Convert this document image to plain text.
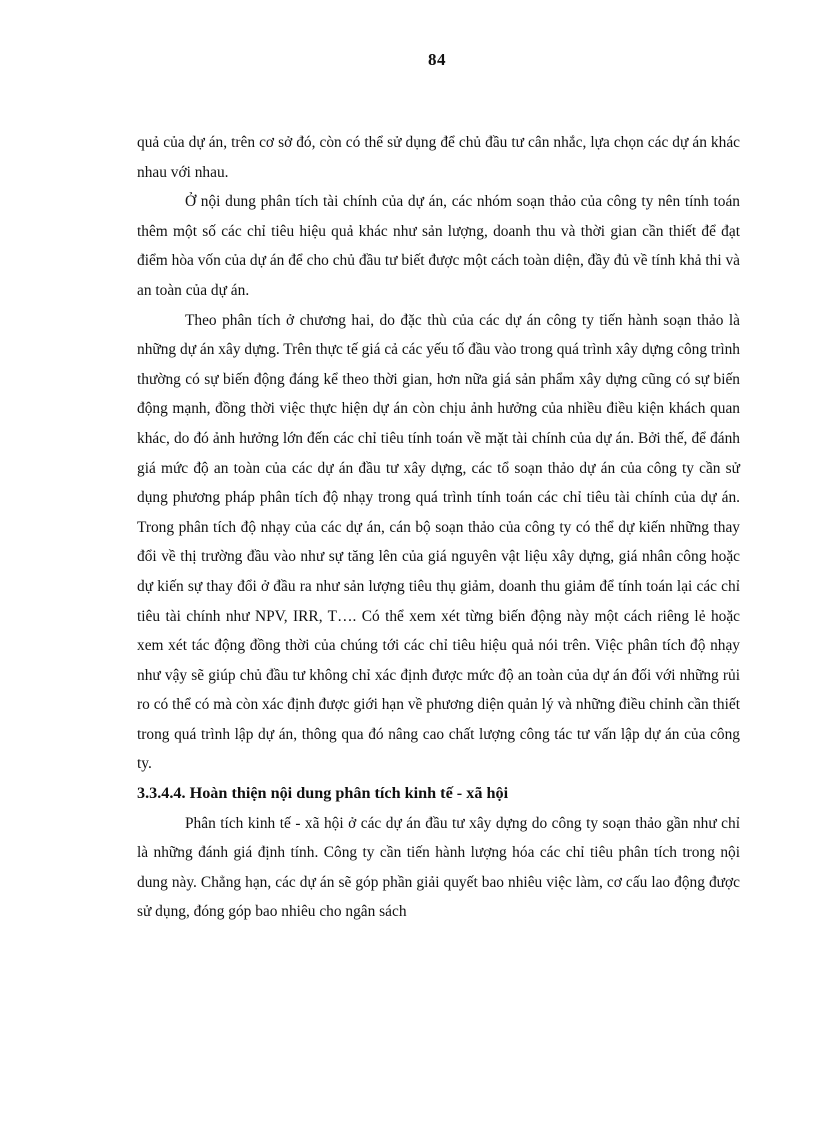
84

quả của dự án, trên cơ sở đó, còn có thể sử dụng để chủ đầu tư cân nhắc, lựa chọn các dự án khác nhau với nhau.

Ở nội dung phân tích tài chính của dự án, các nhóm soạn thảo của công ty nên tính toán thêm một số các chỉ tiêu hiệu quả khác như sản lượng, doanh thu và thời gian cần thiết để đạt điểm hòa vốn của dự án để cho chủ đầu tư biết được một cách toàn diện, đầy đủ về tính khả thi và an toàn của dự án.

Theo phân tích ở chương hai, do đặc thù của các dự án công ty tiến hành soạn thảo là những dự án xây dựng. Trên thực tế giá cả các yếu tố đầu vào trong quá trình xây dựng công trình thường có sự biến động đáng kể theo thời gian, hơn nữa giá sản phẩm xây dựng cũng có sự biến động mạnh, đồng thời việc thực hiện dự án còn chịu ảnh hưởng của nhiều điều kiện khách quan khác, do đó ảnh hưởng lớn đến các chỉ tiêu tính toán về mặt tài chính của dự án. Bởi thế, để đánh giá mức độ an toàn của các dự án đầu tư xây dựng, các tổ soạn thảo dự án của công ty cần sử dụng phương pháp phân tích độ nhạy trong quá trình tính toán các chỉ tiêu tài chính của dự án. Trong phân tích độ nhạy của các dự án, cán bộ soạn thảo của công ty có thể dự kiến những thay đổi về thị trường đầu vào như sự tăng lên của giá nguyên vật liệu xây dựng, giá nhân công hoặc dự kiến sự thay đổi ở đầu ra như sản lượng tiêu thụ giảm, doanh thu giảm để tính toán lại các chỉ tiêu tài chính như NPV, IRR, T…. Có thể xem xét từng biến động này một cách riêng lẻ hoặc xem xét tác động đồng thời của chúng tới các chỉ tiêu hiệu quả nói trên. Việc phân tích độ nhạy như vậy sẽ giúp chủ đầu tư không chỉ xác định được mức độ an toàn của dự án đối với những rủi ro có thể có mà còn xác định được giới hạn về phương diện quản lý và những điều chỉnh cần thiết trong quá trình lập dự án, thông qua đó nâng cao chất lượng công tác tư vấn lập dự án của công ty.

3.3.4.4. Hoàn thiện nội dung phân tích kinh tế - xã hội

Phân tích kinh tế - xã hội ở các dự án đầu tư xây dựng do công ty soạn thảo gần như chỉ là những đánh giá định tính. Công ty cần tiến hành lượng hóa các chỉ tiêu phân tích trong nội dung này. Chẳng hạn, các dự án sẽ góp phần giải quyết bao nhiêu việc làm, cơ cấu lao động được sử dụng, đóng góp bao nhiêu cho ngân sách
